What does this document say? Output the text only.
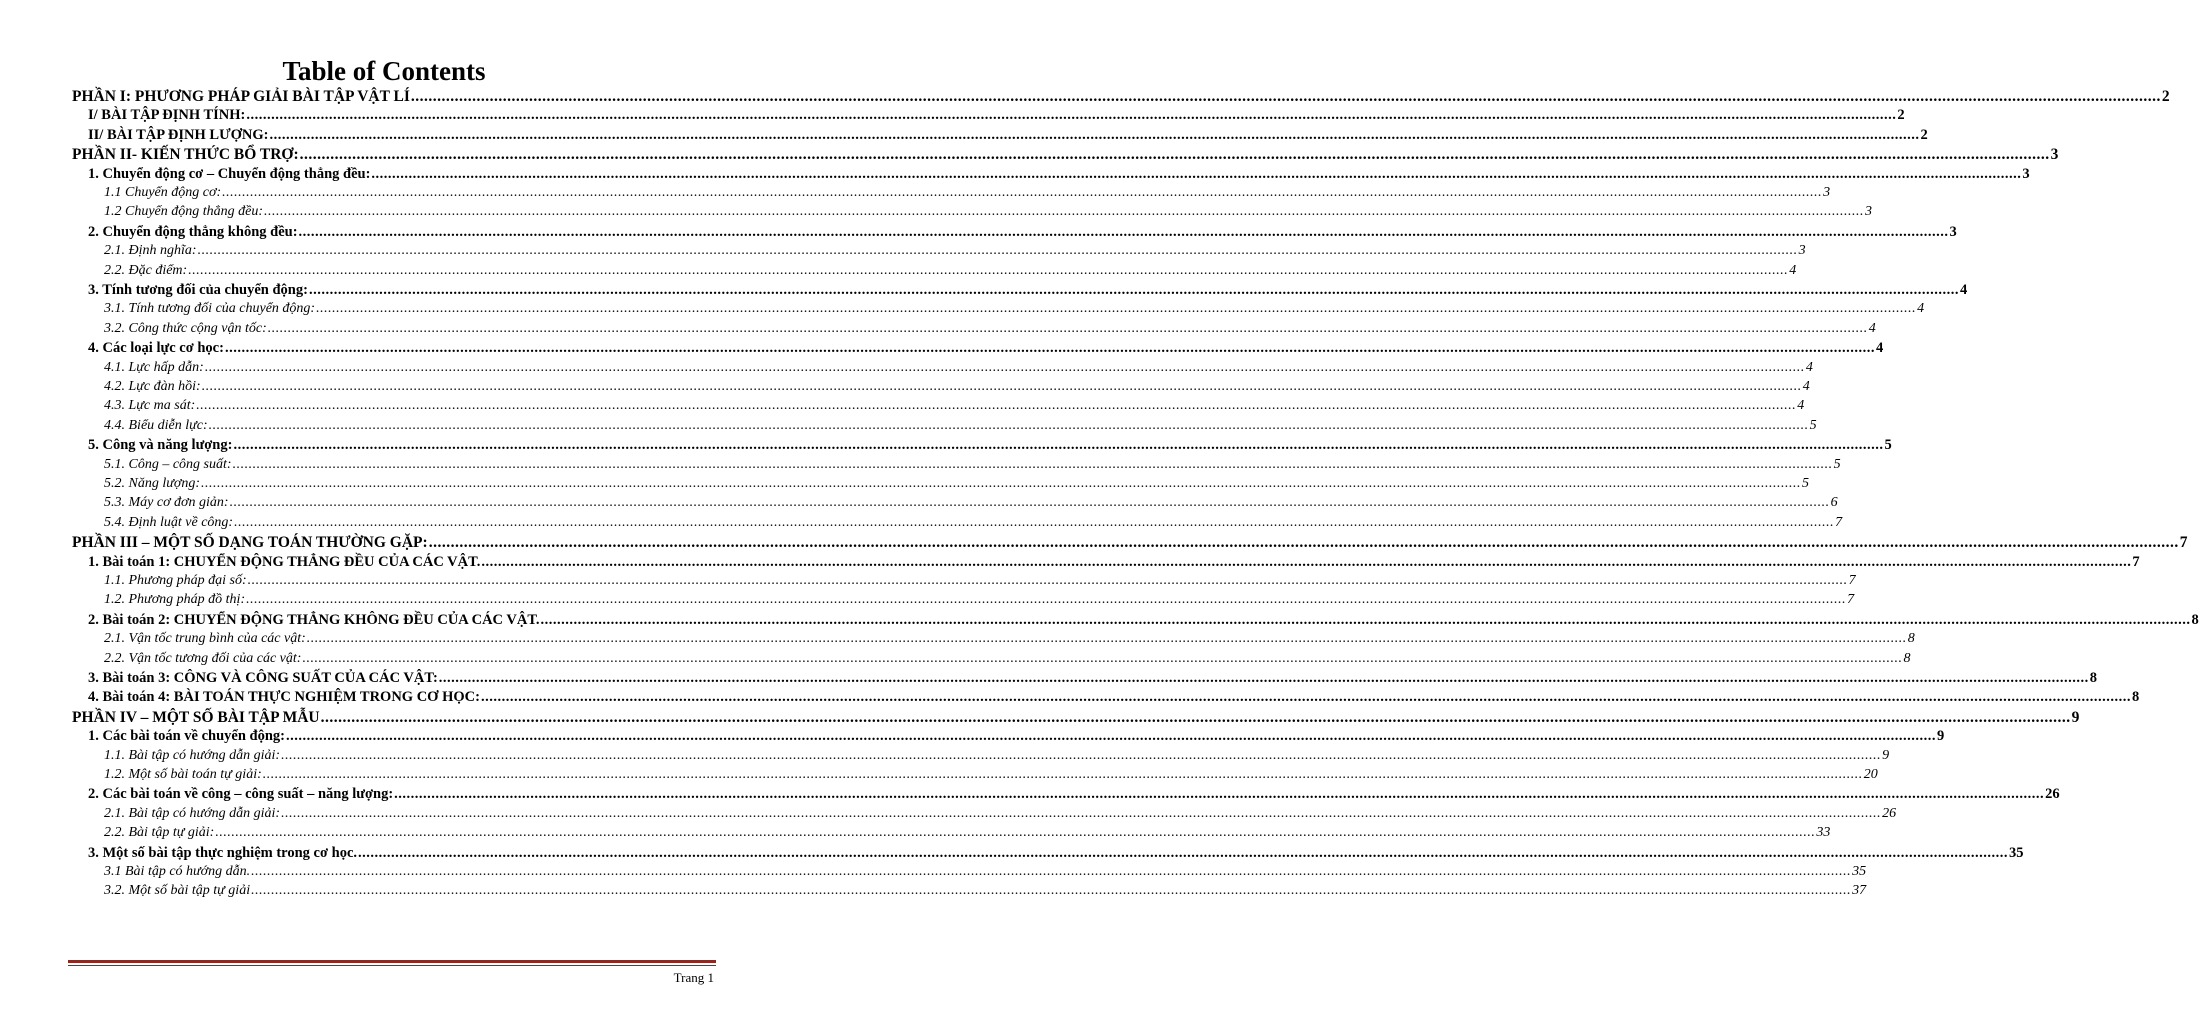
Table of Contents
PHẦN I: PHƯƠNG PHÁP GIẢI BÀI TẬP VẬT LÍ ................................................................................................................................................................................................................................................................................................................................................................................................................ 2
I/ BÀI TẬP ĐỊNH TÍNH: ................................................................................................................................................................................................................................................................................................................................................................................................................ 2
II/ BÀI TẬP ĐỊNH LƯỢNG: ................................................................................................................................................................................................................................................................................................................................................................................................................ 2
PHẦN II- KIẾN THỨC BỔ TRỢ: ................................................................................................................................................................................................................................................................................................................................................................................................................ 3
1. Chuyển động cơ – Chuyển động thẳng đều: ................................................................................................................................................................................................................................................................................................................................................................................................................ 3
1.1 Chuyển động cơ: ................................................................................................................................................................................................................................................................................................................................................................................................................ 3
1.2 Chuyển động thẳng đều: ................................................................................................................................................................................................................................................................................................................................................................................................................ 3
2. Chuyển động thẳng không đều: ................................................................................................................................................................................................................................................................................................................................................................................................................ 3
2.1. Định nghĩa: ................................................................................................................................................................................................................................................................................................................................................................................................................ 3
2.2. Đặc điểm: ................................................................................................................................................................................................................................................................................................................................................................................................................ 4
3. Tính tương đối của chuyển động: ................................................................................................................................................................................................................................................................................................................................................................................................................ 4
3.1. Tính tương đối của chuyển động: ................................................................................................................................................................................................................................................................................................................................................................................................................ 4
3.2. Công thức cộng vận tốc: ................................................................................................................................................................................................................................................................................................................................................................................................................ 4
4. Các loại lực cơ học: ................................................................................................................................................................................................................................................................................................................................................................................................................ 4
4.1. Lực hấp dẫn: ................................................................................................................................................................................................................................................................................................................................................................................................................ 4
4.2. Lực đàn hồi: ................................................................................................................................................................................................................................................................................................................................................................................................................ 4
4.3. Lực ma sát: ................................................................................................................................................................................................................................................................................................................................................................................................................ 4
4.4. Biểu diễn lực: ................................................................................................................................................................................................................................................................................................................................................................................................................ 5
5. Công và năng lượng: ................................................................................................................................................................................................................................................................................................................................................................................................................ 5
5.1. Công – công suất: ................................................................................................................................................................................................................................................................................................................................................................................................................ 5
5.2. Năng lượng: ................................................................................................................................................................................................................................................................................................................................................................................................................ 5
5.3. Máy cơ đơn giản: ................................................................................................................................................................................................................................................................................................................................................................................................................ 6
5.4. Định luật về công: ................................................................................................................................................................................................................................................................................................................................................................................................................ 7
PHẦN III – MỘT SỐ DẠNG TOÁN THƯỜNG GẶP: ................................................................................................................................................................................................................................................................................................................................................................................................................ 7
1. Bài toán 1: CHUYỂN ĐỘNG THẲNG ĐỀU CỦA CÁC VẬT. ................................................................................................................................................................................................................................................................................................................................................................................................................ 7
1.1. Phương pháp đại số: ................................................................................................................................................................................................................................................................................................................................................................................................................ 7
1.2. Phương pháp đồ thị: ................................................................................................................................................................................................................................................................................................................................................................................................................ 7
2. Bài toán 2: CHUYỂN ĐỘNG THẲNG KHÔNG ĐỀU CỦA CÁC VẬT. ................................................................................................................................................................................................................................................................................................................................................................................................................ 8
2.1. Vận tốc trung bình của các vật: ................................................................................................................................................................................................................................................................................................................................................................................................................ 8
2.2. Vận tốc tương đối của các vật: ................................................................................................................................................................................................................................................................................................................................................................................................................ 8
3. Bài toán 3: CÔNG VÀ CÔNG SUẤT CỦA CÁC VẬT: ................................................................................................................................................................................................................................................................................................................................................................................................................ 8
4. Bài toán 4: BÀI TOÁN THỰC NGHIỆM TRONG CƠ HỌC: ................................................................................................................................................................................................................................................................................................................................................................................................................ 8
PHẦN IV – MỘT SỐ BÀI TẬP MẪU ................................................................................................................................................................................................................................................................................................................................................................................................................ 9
1. Các bài toán về chuyển động: ................................................................................................................................................................................................................................................................................................................................................................................................................ 9
1.1. Bài tập có hướng dẫn giải: ................................................................................................................................................................................................................................................................................................................................................................................................................ 9
1.2. Một số bài toán tự giải: ................................................................................................................................................................................................................................................................................................................................................................................................................ 20
2. Các bài toán về công – công suất – năng lượng: ................................................................................................................................................................................................................................................................................................................................................................................................................ 26
2.1. Bài tập có hướng dẫn giải: ................................................................................................................................................................................................................................................................................................................................................................................................................ 26
2.2. Bài tập tự giải: ................................................................................................................................................................................................................................................................................................................................................................................................................ 33
3. Một số bài tập thực nghiệm trong cơ học. ................................................................................................................................................................................................................................................................................................................................................................................................................ 35
3.1 Bài tập có hướng dẫn. ................................................................................................................................................................................................................................................................................................................................................................................................................ 35
3.2. Một số bài tập tự giải ................................................................................................................................................................................................................................................................................................................................................................................................................ 37
Trang 1
